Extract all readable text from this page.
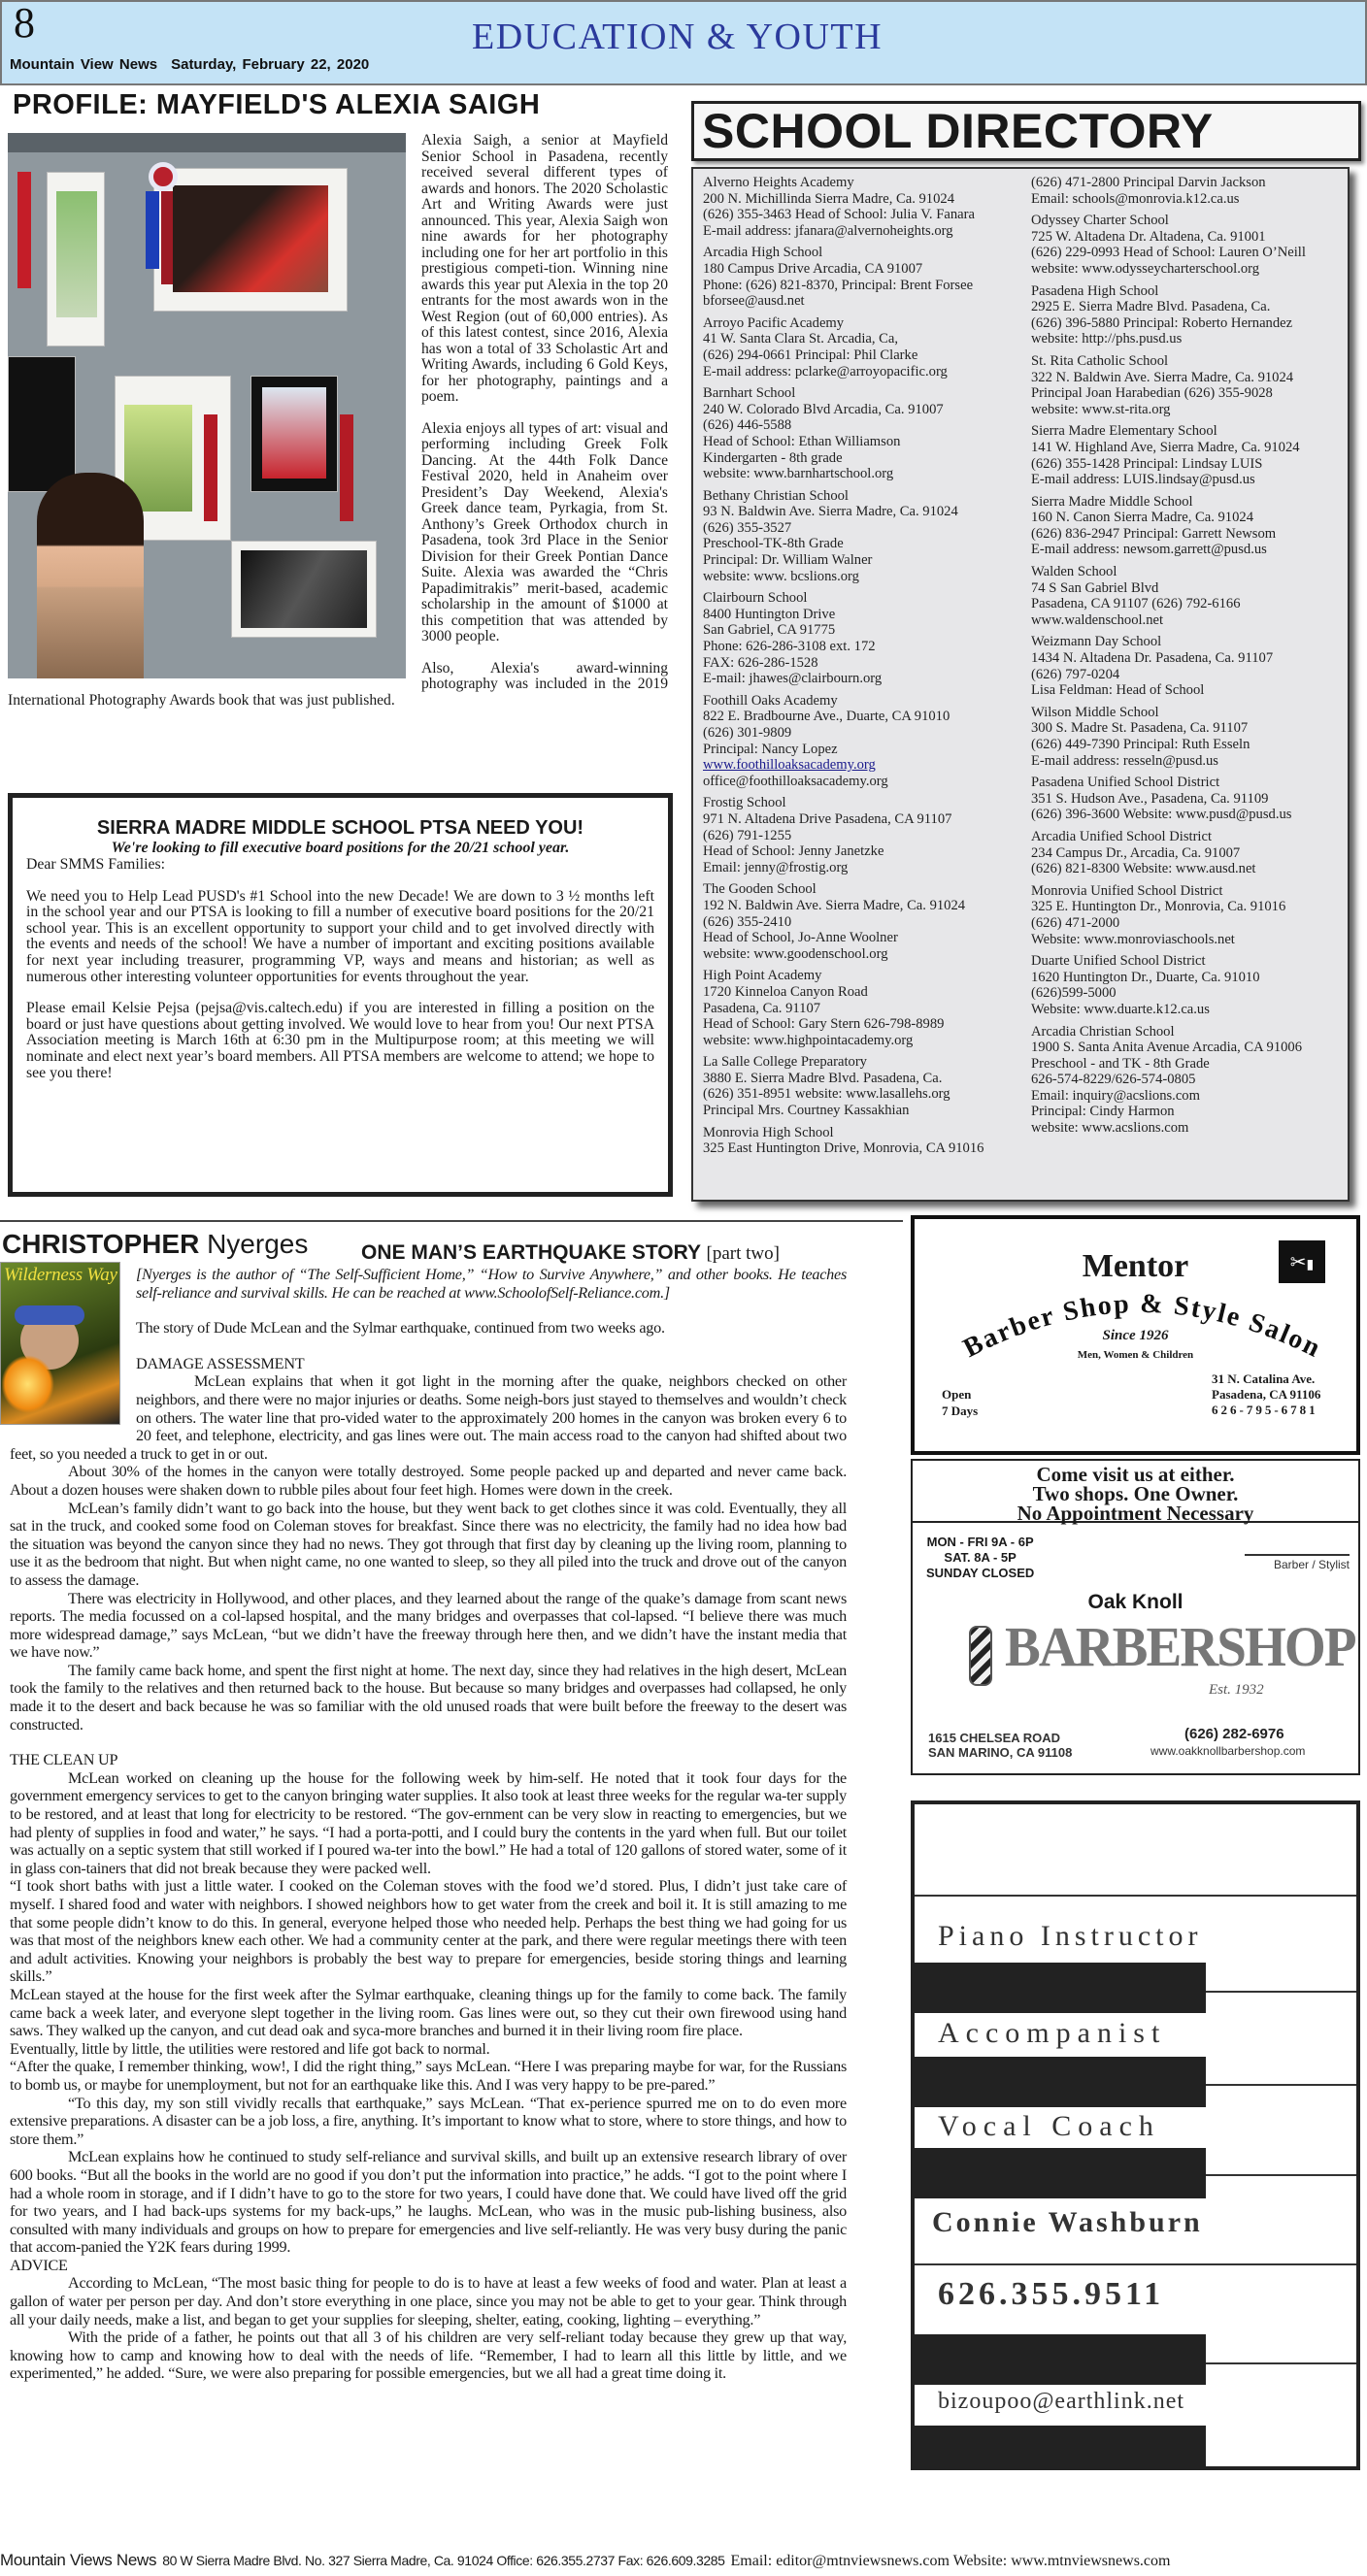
8
Mountain View News Saturday, February 22, 2020
EDUCATION & YOUTH
PROFILE: MAYFIELD'S ALEXIA SAIGH

Alexia Saigh, a senior at Mayfield Senior School in Pasadena, recently received several different types of awards and honors. The 2020 Scholastic Art and Writing Awards were just announced. This year, Alexia Saigh won nine awards for her photography including one for her art portfolio in this prestigious competi-tion. Winning nine awards this year put Alexia in the top 20 entrants for the most awards won in the West Region (out of 60,000 entries). As of this latest contest, since 2016, Alexia has won a total of 33 Scholastic Art and Writing Awards, including 6 Gold Keys, for her photography, paintings and a poem.

Alexia enjoys all types of art: visual and performing including Greek Folk Dancing. At the 44th Folk Dance Festival 2020, held in Anaheim over President’s Day Weekend, Alexia's Greek dance team, Pyrkagia, from St. Anthony’s Greek Orthodox church in Pasadena, took 3rd Place in the Senior Division for their Greek Pontian Dance Suite. Alexia was awarded the “Chris Papadimitrakis” merit-based, academic scholarship in the amount of $1000 at this competition that was attended by 3000 people.

Also, Alexia's award-winning photography was included in the 2019 International Photography Awards book that was just published.

SIERRA MADRE MIDDLE SCHOOL PTSA NEED YOU!
We're looking to fill executive board positions for the 20/21 school year.

Dear SMMS Families:

We need you to Help Lead PUSD's #1 School into the new Decade! We are down to 3 ½ months left in the school year and our PTSA is looking to fill a number of executive board positions for the 20/21 school year. This is an excellent opportunity to support your child and to get involved directly with the events and needs of the school! We have a number of important and exciting positions available for next year including treasurer, programming VP, ways and means and historian; as well as numerous other interesting volunteer opportunities for events throughout the year.

Please email Kelsie Pejsa (pejsa@vis.caltech.edu) if you are interested in filling a position on the board or just have questions about getting involved. We would love to hear from you! Our next PTSA Association meeting is March 16th at 6:30 pm in the Multipurpose room; at this meeting we will nominate and elect next year’s board members. All PTSA members are welcome to attend; we hope to see you there!

SCHOOL DIRECTORY
Alverno Heights Academy
200 N. Michillinda Sierra Madre, Ca. 91024
(626) 355-3463 Head of School: Julia V. Fanara
E-mail address: jfanara@alvernoheights.org
Arcadia High School
180 Campus Drive Arcadia, CA 91007
Phone: (626) 821-8370, Principal: Brent Forsee
bforsee@ausd.net
Arroyo Pacific Academy
41 W. Santa Clara St. Arcadia, Ca,
(626) 294-0661 Principal: Phil Clarke
E-mail address: pclarke@arroyopacific.org
Barnhart School
240 W. Colorado Blvd Arcadia, Ca. 91007
(626) 446-5588
Head of School: Ethan Williamson
Kindergarten - 8th grade
website: www.barnhartschool.org
Bethany Christian School
93 N. Baldwin Ave. Sierra Madre, Ca. 91024
(626) 355-3527
Preschool-TK-8th Grade
Principal: Dr. William Walner
website: www. bcslions.org
Clairbourn School
8400 Huntington Drive
San Gabriel, CA 91775
Phone: 626-286-3108 ext. 172
FAX: 626-286-1528
E-mail: jhawes@clairbourn.org
Foothill Oaks Academy
822 E. Bradbourne Ave., Duarte, CA 91010
(626) 301-9809
Principal: Nancy Lopez
www.foothilloaksacademy.org
office@foothilloaksacademy.org
Frostig School
971 N. Altadena Drive Pasadena, CA 91107
(626) 791-1255
Head of School: Jenny Janetzke
Email: jenny@frostig.org
The Gooden School
192 N. Baldwin Ave. Sierra Madre, Ca. 91024
(626) 355-2410
Head of School, Jo-Anne Woolner
website: www.goodenschool.org
High Point Academy
1720 Kinneloa Canyon Road
Pasadena, Ca. 91107
Head of School: Gary Stern 626-798-8989
website: www.highpointacademy.org
La Salle College Preparatory
3880 E. Sierra Madre Blvd. Pasadena, Ca.
(626) 351-8951 website: www.lasallehs.org
Principal Mrs. Courtney Kassakhian
Monrovia High School
325 East Huntington Drive, Monrovia, CA 91016
(626) 471-2800 Principal Darvin Jackson
Email: schools@monrovia.k12.ca.us
Odyssey Charter School
725 W. Altadena Dr. Altadena, Ca. 91001
(626) 229-0993 Head of School: Lauren O’Neill
website: www.odysseycharterschool.org
Pasadena High School
2925 E. Sierra Madre Blvd. Pasadena, Ca.
(626) 396-5880 Principal: Roberto Hernandez
website: http://phs.pusd.us
St. Rita Catholic School
322 N. Baldwin Ave. Sierra Madre, Ca. 91024
Principal Joan Harabedian (626) 355-9028
website: www.st-rita.org
Sierra Madre Elementary School
141 W. Highland Ave, Sierra Madre, Ca. 91024
(626) 355-1428 Principal: Lindsay LUIS
E-mail address: LUIS.lindsay@pusd.us
Sierra Madre Middle School
160 N. Canon Sierra Madre, Ca. 91024
(626) 836-2947 Principal: Garrett Newsom
E-mail address: newsom.garrett@pusd.us
Walden School
74 S San Gabriel Blvd
Pasadena, CA 91107 (626) 792-6166
www.waldenschool.net
Weizmann Day School
1434 N. Altadena Dr. Pasadena, Ca. 91107
(626) 797-0204
Lisa Feldman: Head of School
Wilson Middle School
300 S. Madre St. Pasadena, Ca. 91107
(626) 449-7390 Principal: Ruth Esseln
E-mail address: resseln@pusd.us
Pasadena Unified School District
351 S. Hudson Ave., Pasadena, Ca. 91109
(626) 396-3600 Website: www.pusd@pusd.us
Arcadia Unified School District
234 Campus Dr., Arcadia, Ca. 91007
(626) 821-8300 Website: www.ausd.net
Monrovia Unified School District
325 E. Huntington Dr., Monrovia, Ca. 91016
(626) 471-2000
Website: www.monroviaschools.net
Duarte Unified School District
1620 Huntington Dr., Duarte, Ca. 91010
(626)599-5000
Website: www.duarte.k12.ca.us
Arcadia Christian School
1900 S. Santa Anita Avenue Arcadia, CA 91006
Preschool - and TK - 8th Grade
626-574-8229/626-574-0805
Email: inquiry@acslions.com
Principal: Cindy Harmon
website: www.acslions.com
CHRISTOPHER Nyerges	ONE MAN’S EARTHQUAKE STORY [part two]
Wilderness Way	[Nyerges is the author of “The Self-Sufficient Home,” “How to Survive Anywhere,” and other books. He teaches self-reliance and survival skills. He can be reached at www.SchoolofSelf-Reliance.com.]

The story of Dude McLean and the Sylmar earthquake, continued from two weeks ago.

DAMAGE ASSESSMENT

McLean explains that when it got light in the morning after the quake, neighbors checked on other neighbors, and there were no major injuries or deaths. Some neigh-bors just stayed to themselves and wouldn’t check on others. The water line that pro-vided water to the approximately 200 homes in the canyon was broken every 6 to 20 feet, and telephone, electricity, and gas lines were out. The main access road to the canyon had shifted about two feet, so you needed a truck to get in or out.

About 30% of the homes in the canyon were totally destroyed. Some people packed up and departed and never came back. About a dozen houses were shaken down to rubble piles about four feet high. Homes were down in the creek.

McLean’s family didn’t want to go back into the house, but they went back to get clothes since it was cold. Eventually, they all sat in the truck, and cooked some food on Coleman stoves for breakfast. Since there was no electricity, the family had no idea how bad the situation was beyond the canyon since they had no news. They got through that first day by cleaning up the living room, planning to use it as the bedroom that night. But when night came, no one wanted to sleep, so they all piled into the truck and drove out of the canyon to assess the damage.

There was electricity in Hollywood, and other places, and they learned about the range of the quake’s damage from scant news reports. The media focussed on a col-lapsed hospital, and the many bridges and overpasses that col-lapsed. “I believe there was much more widespread damage,” says McLean, “but we didn’t have the freeway through here then, and we didn’t have the instant media that we have now.”

The family came back home, and spent the first night at home. The next day, since they had relatives in the high desert, McLean took the family to the relatives and then returned back to the house. But because so many bridges and overpasses had collapsed, he only made it to the desert and back because he was so familiar with the old unused roads that were built before the freeway to the desert was constructed.

THE CLEAN UP

McLean worked on cleaning up the house for the following week by him-self. He noted that it took four days for the government emergency services to get to the canyon bringing water supplies. It also took at least three weeks for the regular wa-ter supply to be restored, and at least that long for electricity to be restored. “The gov-ernment can be very slow in reacting to emergencies, but we had plenty of supplies in food and water,” he says. “I had a porta-potti, and I could bury the contents in the yard when full. But our toilet was actually on a septic system that still worked if I poured wa-ter into the bowl.” He had a total of 120 gallons of stored water, some of it in glass con-tainers that did not break because they were packed well.

“I took short baths with just a little water. I cooked on the Coleman stoves with the food we’d stored. Plus, I didn’t just take care of myself. I shared food and water with neighbors. I showed neighbors how to get water from the creek and boil it. It is still amazing to me that some people didn’t know to do this. In general, everyone helped those who needed help. Perhaps the best thing we had going for us was that most of the neighbors knew each other. We had a community center at the park, and there were regular meetings there with teen and adult activities. Knowing your neighbors is probably the best way to prepare for emergencies, beside storing things and learning skills.”

McLean stayed at the house for the first week after the Sylmar earthquake, cleaning things up for the family to come back. The family came back a week later, and everyone slept together in the living room. Gas lines were out, so they cut their own firewood using hand saws. They walked up the canyon, and cut dead oak and syca-more branches and burned it in their living room fire place.

Eventually, little by little, the utilities were restored and life got back to normal.

“After the quake, I remember thinking, wow!, I did the right thing,” says McLean. “Here I was preparing maybe for war, for the Russians to bomb us, or maybe for unemployment, but not for an earthquake like this. And I was very happy to be pre-pared.”

“To this day, my son still vividly recalls that earthquake,” says McLean. “That ex-perience spurred me on to do even more extensive preparations. A disaster can be a job loss, a fire, anything. It’s important to know what to store, where to store things, and how to store them.”

McLean explains how he continued to study self-reliance and survival skills, and built up an extensive research library of over 600 books. “But all the books in the world are no good if you don’t put the information into practice,” he adds. “I got to the point where I had a whole room in storage, and if I didn’t have to go to the store for two years, I could have done that. We could have lived off the grid for two years, and I had back-ups systems for my back-ups,” he laughs. McLean, who was in the music pub-lishing business, also consulted with many individuals and groups on how to prepare for emergencies and live self-reliantly. He was very busy during the panic that accom-panied the Y2K fears during 1999.

ADVICE

According to McLean, “The most basic thing for people to do is to have at least a few weeks of food and water. Plan at least a gallon of water per person per day. And don’t store everything in one place, since you may not be able to get to your gear. Think through all your daily needs, make a list, and began to get your supplies for sleeping, shelter, eating, cooking, lighting – everything.”

With the pride of a father, he points out that all 3 of his children are very self-reliant today because they grew up that way, knowing how to camp and knowing how to deal with the needs of life. “Remember, I had to learn all this little by little, and we experimented,” he added. “Sure, we were also preparing for possible emergencies, but we all had a great time doing it.

Mentor	✂▮
Barber Shop & Style Salon
Since 1926
Men, Women & Children
Open
7 Days
31 N. Catalina Ave.
Pasadena, CA 91106
626-795-6781
Come visit us at either.
Two shops. One Owner.
No Appointment Necessary
MON - FRI 9A - 6P
SAT. 8A - 5P
SUNDAY CLOSED
Barber / Stylist
Oak Knoll
BARBERSHOP
Est. 1932
1615 CHELSEA ROAD
SAN MARINO, CA 91108
(626) 282-6976
www.oakknollbarbershop.com
Piano Instructor
Accompanist
Vocal Coach
Connie Washburn
626.355.9511
bizoupoo@earthlink.net
Mountain Views News 80 W Sierra Madre Blvd. No. 327 Sierra Madre, Ca. 91024 Office: 626.355.2737 Fax: 626.609.3285 Email: editor@mtnviewsnews.com Website: www.mtnviewsnews.com
